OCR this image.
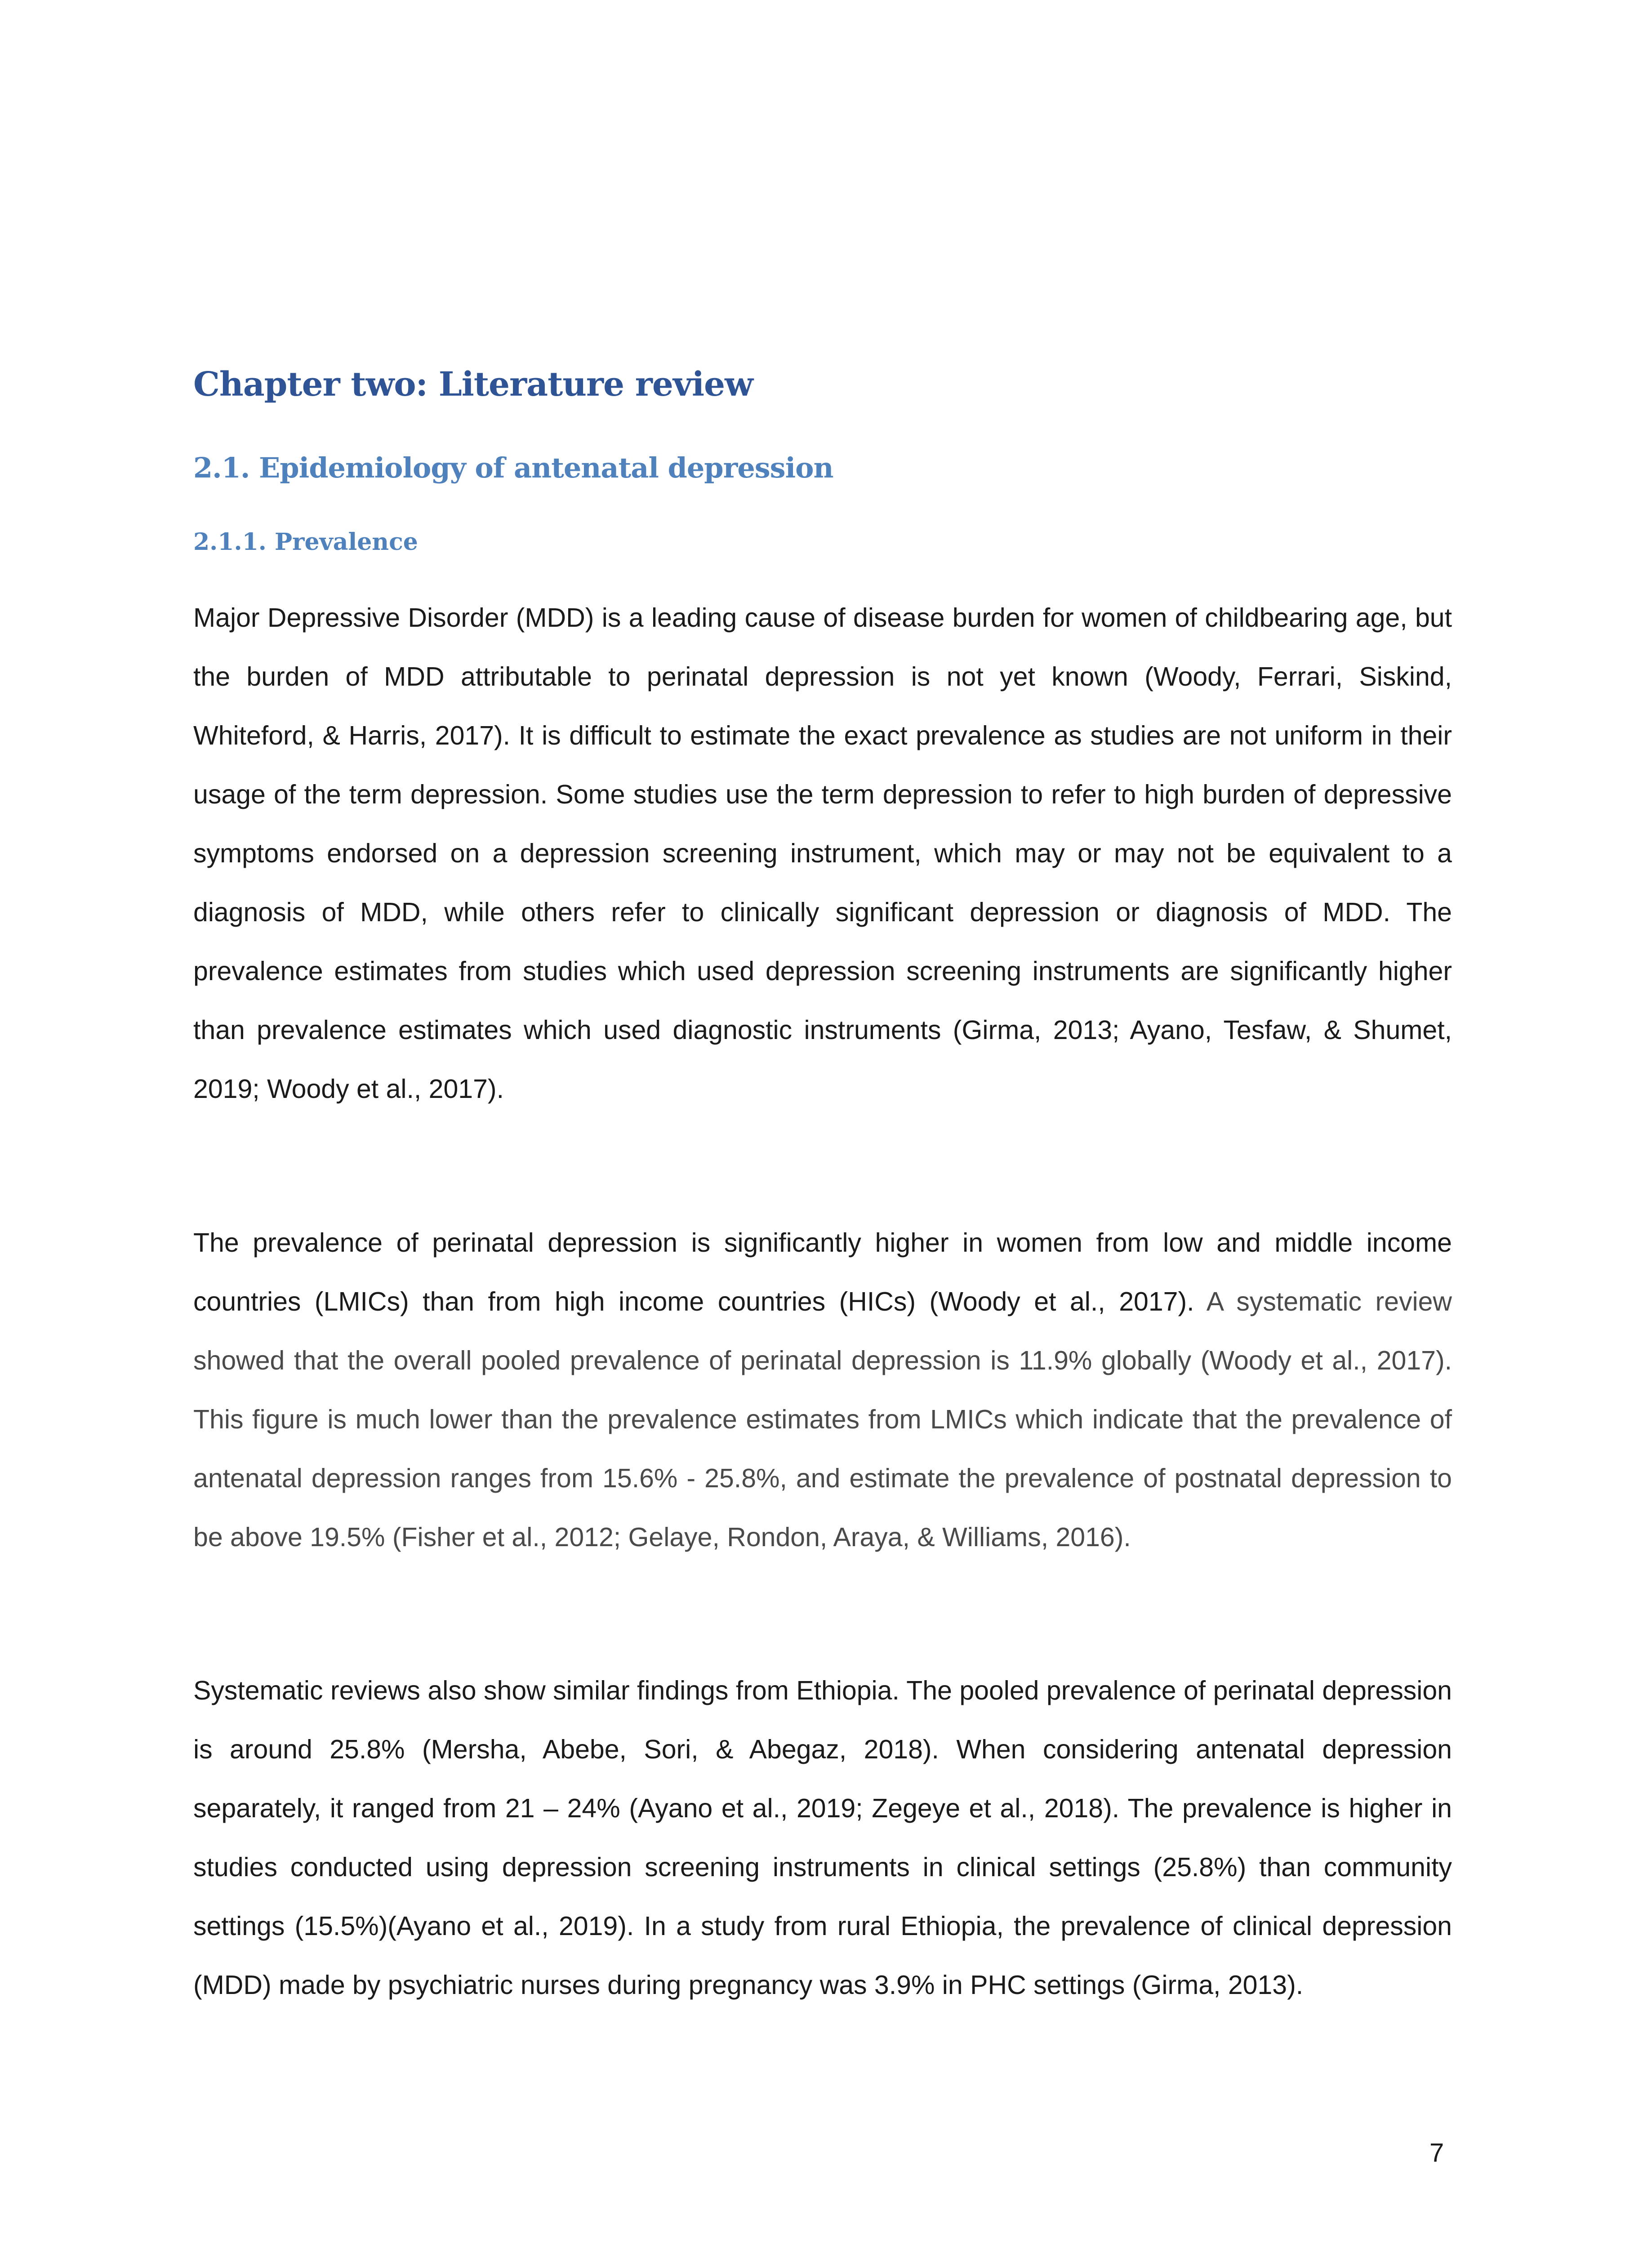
Chapter two: Literature review
2.1. Epidemiology of antenatal depression
2.1.1. Prevalence

Major Depressive Disorder (MDD) is a leading cause of disease burden for women of childbearing age, but the burden of MDD attributable to perinatal depression is not yet known (Woody, Ferrari, Siskind, Whiteford, & Harris, 2017). It is difficult to estimate the exact prevalence as studies are not uniform in their usage of the term depression. Some studies use the term depression to refer to high burden of depressive symptoms endorsed on a depression screening instrument, which may or may not be equivalent to a diagnosis of MDD, while others refer to clinically significant depression or diagnosis of MDD. The prevalence estimates from studies which used depression screening instruments are significantly higher than prevalence estimates which used diagnostic instruments (Girma, 2013; Ayano, Tesfaw, & Shumet, 2019; Woody et al., 2017).

The prevalence of perinatal depression is significantly higher in women from low and middle income countries (LMICs) than from high income countries (HICs) (Woody et al., 2017). A systematic review showed that the overall pooled prevalence of perinatal depression is 11.9% globally (Woody et al., 2017). This figure is much lower than the prevalence estimates from LMICs which indicate that the prevalence of antenatal depression ranges from 15.6% - 25.8%, and estimate the prevalence of postnatal depression to be above 19.5% (Fisher et al., 2012; Gelaye, Rondon, Araya, & Williams, 2016).

Systematic reviews also show similar findings from Ethiopia. The pooled prevalence of perinatal depression is around 25.8% (Mersha, Abebe, Sori, & Abegaz, 2018). When considering antenatal depression separately, it ranged from 21 – 24% (Ayano et al., 2019; Zegeye et al., 2018). The prevalence is higher in studies conducted using depression screening instruments in clinical settings (25.8%) than community settings (15.5%)(Ayano et al., 2019). In a study from rural Ethiopia, the prevalence of clinical depression (MDD) made by psychiatric nurses during pregnancy was 3.9% in PHC settings (Girma, 2013).

7
